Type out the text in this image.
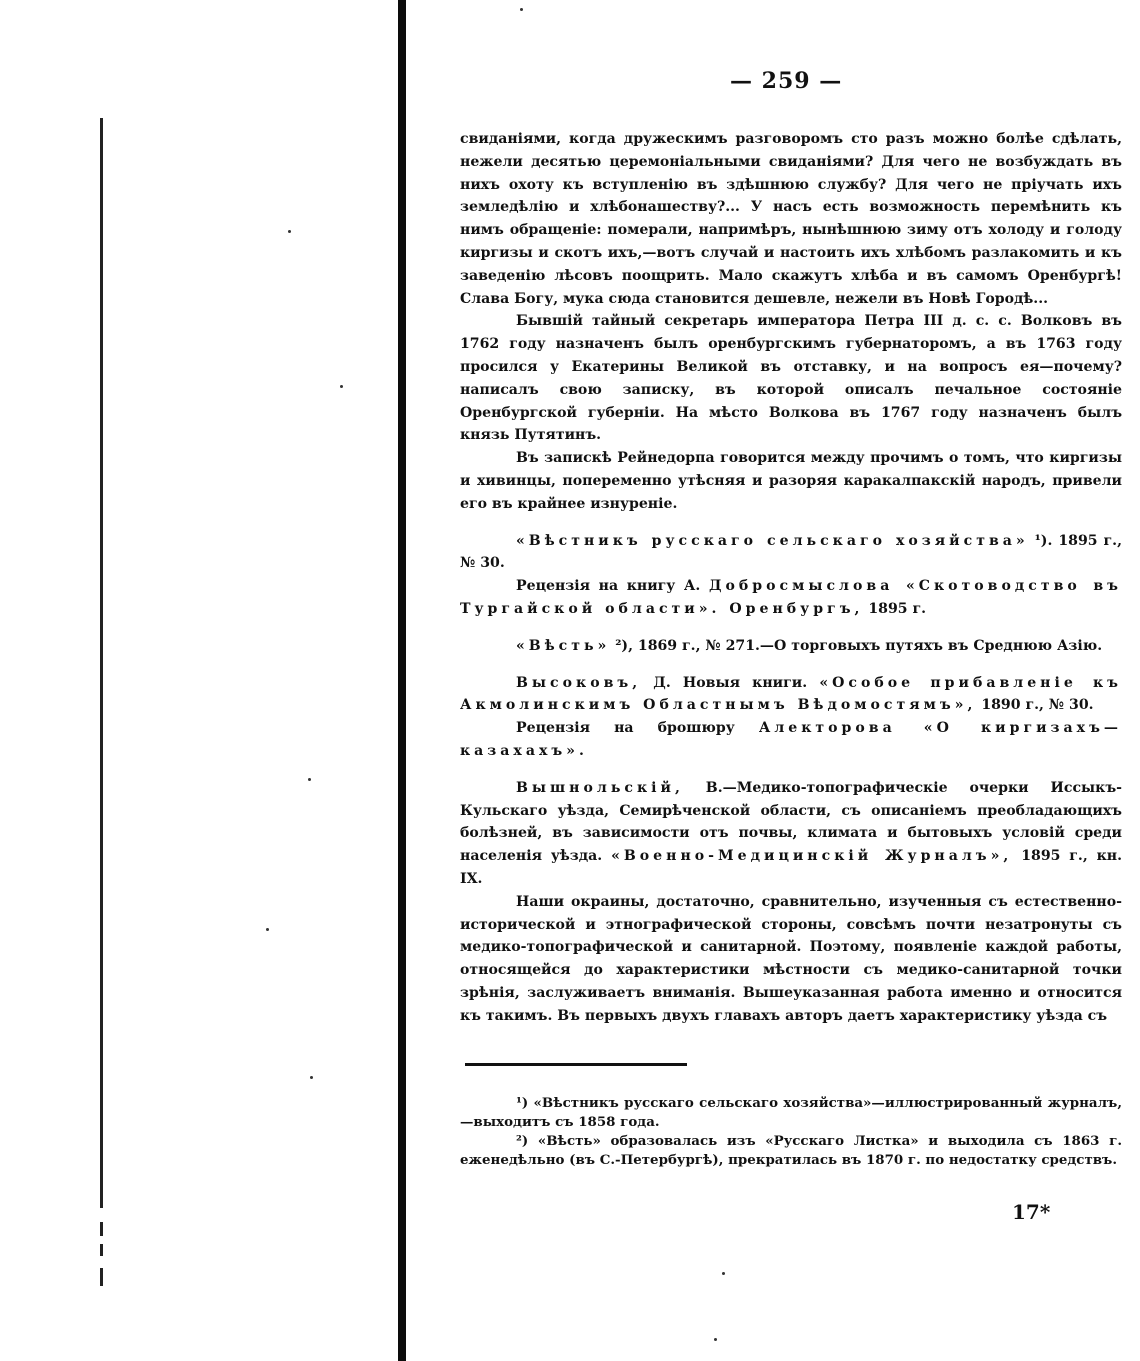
— 259 —

свиданіями, когда дружескимъ разговоромъ сто разъ можно болѣе сдѣлать, нежели десятью церемоніальными свиданіями? Для чего не возбуждать въ нихъ охоту къ вступленію въ здѣшнюю службу? Для чего не пріучать ихъ земледѣлію и хлѣбонашеству?... У насъ есть возможность перемѣнить къ нимъ обращеніе: померали, напримѣръ, нынѣшнюю зиму отъ холоду и голоду киргизы и скотъ ихъ,—вотъ случай и настоить ихъ хлѣбомъ разлакомить и къ заведенію лѣсовъ поощрить. Мало скажутъ хлѣба и въ самомъ Оренбургѣ! Слава Богу, мука сюда становится дешевле, нежели въ Новѣ Городѣ...

Бывшій тайный секретарь императора Петра III д. с. с. Волковъ въ 1762 году назначенъ былъ оренбургскимъ губернаторомъ, а въ 1763 году просился у Екатерины Великой въ отставку, и на вопросъ ея—почему? написалъ свою записку, въ которой описалъ печальное состояніе Оренбургской губерніи. На мѣсто Волкова въ 1767 году назначенъ былъ князь Путятинъ.

Въ запискѣ Рейнедорпа говорится между прочимъ о томъ, что киргизы и хивинцы, попеременно утѣсняя и разоряя каракалпакскій народъ, привели его въ крайнее изнуреніе.

«Вѣстникъ русскаго сельскаго хозяйства» ¹). 1895 г., № 30.

Рецензія на книгу А. Добросмыслова «Скотоводство въ Тургайской области». Оренбургъ, 1895 г.

«Вѣсть» ²), 1869 г., № 271.—О торговыхъ путяхъ въ Среднюю Азію.

Высоковъ, Д. Новыя книги. «Особое прибавленіе къ Акмолинскимъ Областнымъ Вѣдомостямъ», 1890 г., № 30.

Рецензія на брошюру Алекторова «О киргизахъ—казахахъ».

Вышнольскій, В.—Медико-топографическіе очерки Иссыкъ-Кульскаго уѣзда, Семирѣченской области, съ описаніемъ преобладающихъ болѣзней, въ зависимости отъ почвы, климата и бытовыхъ условій среди населенія уѣзда. «Военно-Медицинскій Журналъ», 1895 г., кн. IX.

Наши окраины, достаточно, сравнительно, изученныя съ естественно-исторической и этнографической стороны, совсѣмъ почти незатронуты съ медико-топографической и санитарной. Поэтому, появленіе каждой работы, относящейся до характеристики мѣстности съ медико-санитарной точки зрѣнія, заслуживаетъ вниманія. Вышеуказанная работа именно и относится къ такимъ. Въ первыхъ двухъ главахъ авторъ даетъ характеристику уѣзда съ

¹) «Вѣстникъ русскаго сельскаго хозяйства»—иллюстрированный журналъ,—выходитъ съ 1858 года.

²) «Вѣсть» образовалась изъ «Русскаго Листка» и выходила съ 1863 г. еженедѣльно (въ С.-Петербургѣ), прекратилась въ 1870 г. по недостатку средствъ.

17*
